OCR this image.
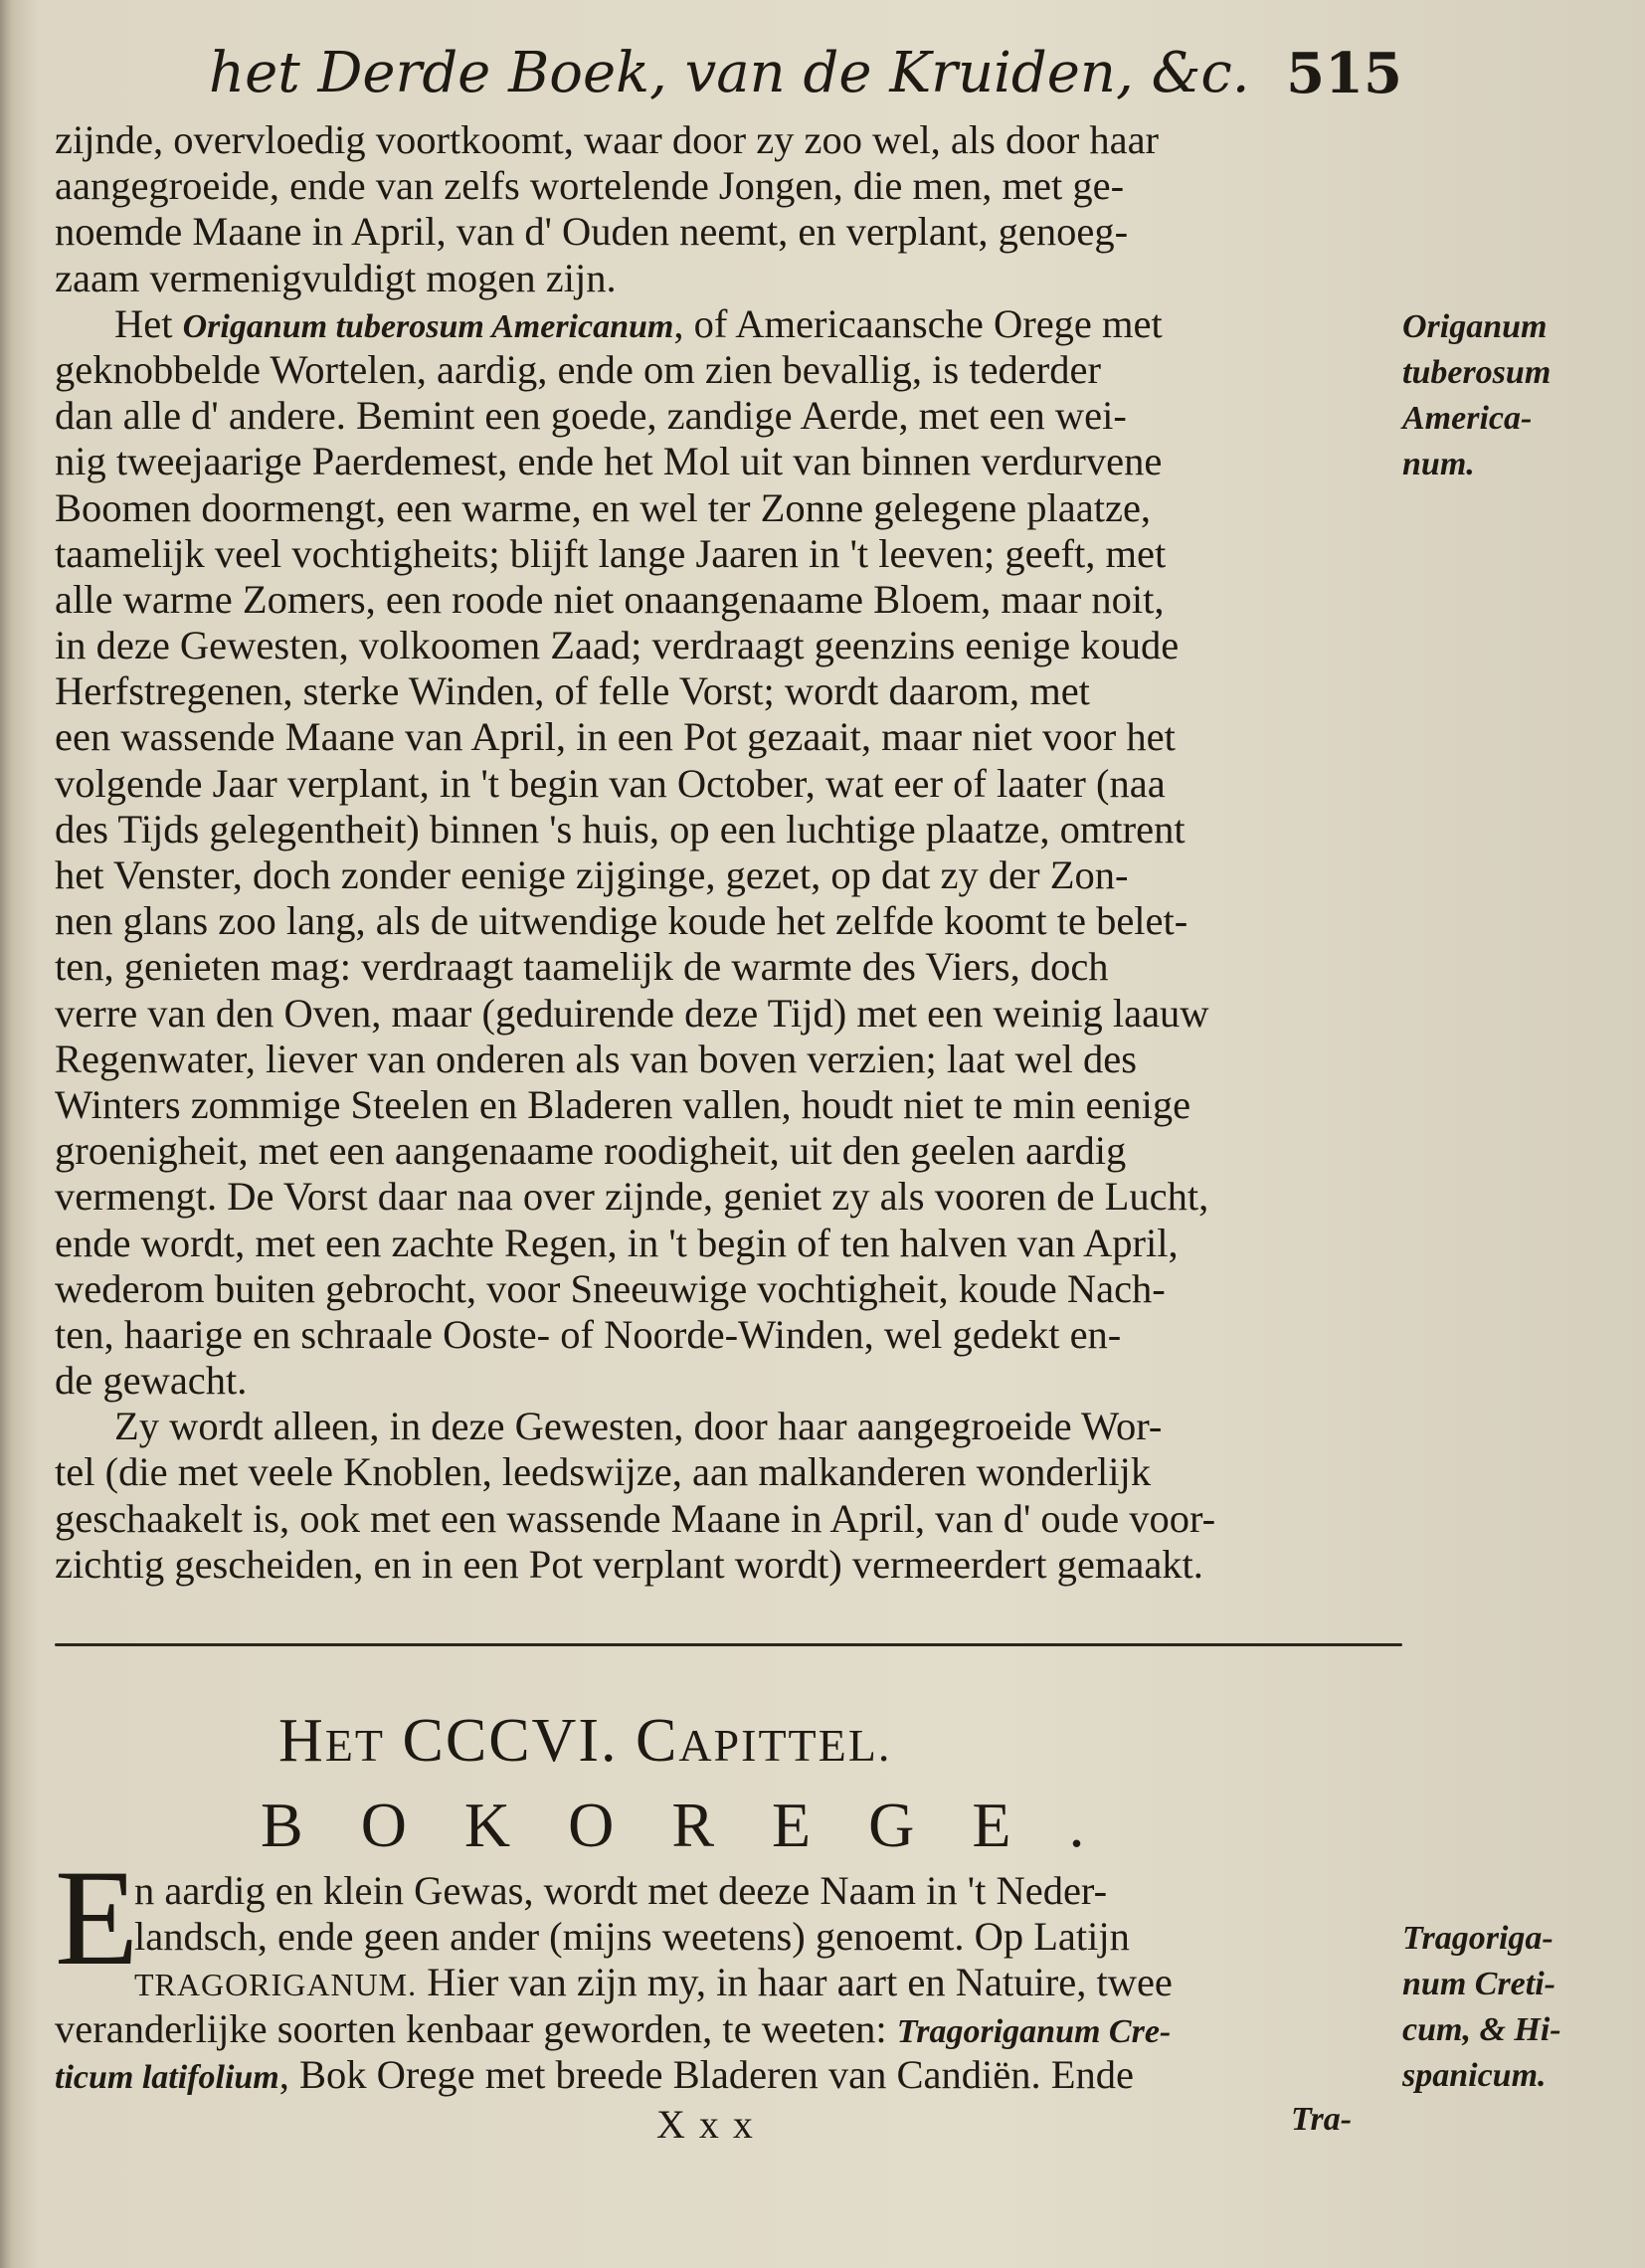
het Derde Boek, van de Kruiden, &c. 515
zijnde, overvloedig voortkoomt, waar door zy zoo wel, als door haar
aangegroeide, ende van zelfs wortelende Jongen, die men, met ge-
noemde Maane in April, van d' Ouden neemt, en verplant, genoeg-
zaam vermenigvuldigt mogen zijn.
Het Origanum tuberosum Americanum, of Americaansche Orege met
geknobbelde Wortelen, aardig, ende om zien bevallig, is tederder
dan alle d' andere. Bemint een goede, zandige Aerde, met een wei-
nig tweejaarige Paerdemest, ende het Mol uit van binnen verdurvene
Boomen doormengt, een warme, en wel ter Zonne gelegene plaatze,
taamelijk veel vochtigheits; blijft lange Jaaren in 't leeven; geeft, met
alle warme Zomers, een roode niet onaangenaame Bloem, maar noit,
in deze Gewesten, volkoomen Zaad; verdraagt geenzins eenige koude
Herfstregenen, sterke Winden, of felle Vorst; wordt daarom, met
een wassende Maane van April, in een Pot gezaait, maar niet voor het
volgende Jaar verplant, in 't begin van October, wat eer of laater (naa
des Tijds gelegentheit) binnen 's huis, op een luchtige plaatze, omtrent
het Venster, doch zonder eenige zijginge, gezet, op dat zy der Zon-
nen glans zoo lang, als de uitwendige koude het zelfde koomt te belet-
ten, genieten mag: verdraagt taamelijk de warmte des Viers, doch
verre van den Oven, maar (geduirende deze Tijd) met een weinig laauw
Regenwater, liever van onderen als van boven verzien; laat wel des
Winters zommige Steelen en Bladeren vallen, houdt niet te min eenige
groenigheit, met een aangenaame roodigheit, uit den geelen aardig
vermengt. De Vorst daar naa over zijnde, geniet zy als vooren de Lucht,
ende wordt, met een zachte Regen, in 't begin of ten halven van April,
wederom buiten gebrocht, voor Sneeuwige vochtigheit, koude Nach-
ten, haarige en schraale Ooste- of Noorde-Winden, wel gedekt en-
de gewacht.
Zy wordt alleen, in deze Gewesten, door haar aangegroeide Wor-
tel (die met veele Knoblen, leedswijze, aan malkanderen wonderlijk
geschaakelt is, ook met een wassende Maane in April, van d' oude voor-
zichtig gescheiden, en in een Pot verplant wordt) vermeerdert gemaakt.
Origanum
tuberosum
America-
num.
HET CCCVI. CAPITTEL.
BOKOREGE.
E
n aardig en klein Gewas, wordt met deeze Naam in 't Neder-
landsch, ende geen ander (mijns weetens) genoemt. Op Latijn
TRAGORIGANUM. Hier van zijn my, in haar aart en Natuire, twee
veranderlijke soorten kenbaar geworden, te weeten: Tragoriganum Cre-
ticum latifolium, Bok Orege met breede Bladeren van Candiën. Ende
Tragoriga-
num Creti-
cum, & Hi-
spanicum.
Xxx	Tra-
